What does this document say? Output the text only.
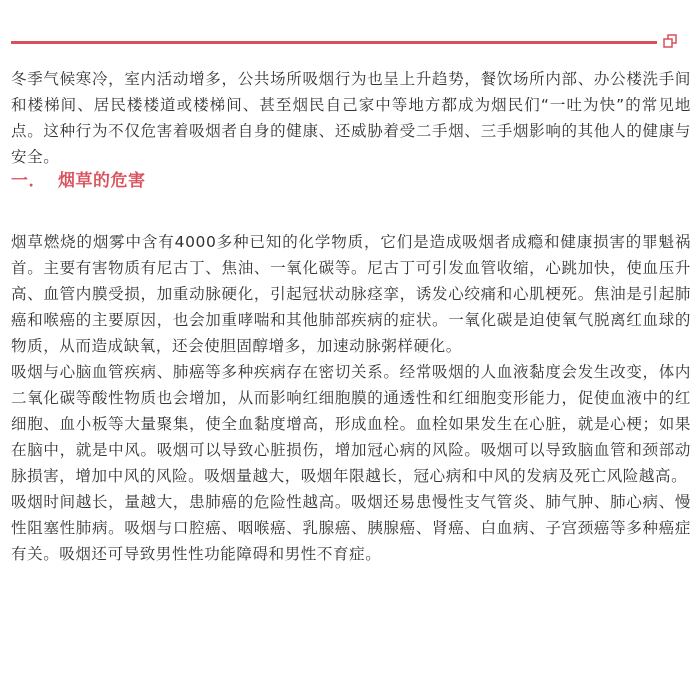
冬季气候寒冷，室内活动增多，公共场所吸烟行为也呈上升趋势，餐饮场所内部、办公楼洗手间和楼梯间、居民楼楼道或楼梯间、甚至烟民自己家中等地方都成为烟民们“一吐为快”的常见地点。这种行为不仅危害着吸烟者自身的健康、还威胁着受二手烟、三手烟影响的其他人的健康与安全。

一． 烟草的危害

烟草燃烧的烟雾中含有4000多种已知的化学物质，它们是造成吸烟者成瘾和健康损害的罪魁祸首。主要有害物质有尼古丁、焦油、一氧化碳等。尼古丁可引发血管收缩，心跳加快，使血压升高、血管内膜受损，加重动脉硬化，引起冠状动脉痉挛，诱发心绞痛和心肌梗死。焦油是引起肺癌和喉癌的主要原因，也会加重哮喘和其他肺部疾病的症状。一氧化碳是迫使氧气脱离红血球的物质，从而造成缺氧，还会使胆固醇增多，加速动脉粥样硬化。

吸烟与心脑血管疾病、肺癌等多种疾病存在密切关系。经常吸烟的人血液黏度会发生改变，体内二氧化碳等酸性物质也会增加，从而影响红细胞膜的通透性和红细胞变形能力，促使血液中的红细胞、血小板等大量聚集，使全血黏度增高，形成血栓。血栓如果发生在心脏，就是心梗；如果在脑中，就是中风。吸烟可以导致心脏损伤，增加冠心病的风险。吸烟可以导致脑血管和颈部动脉损害，增加中风的风险。吸烟量越大，吸烟年限越长，冠心病和中风的发病及死亡风险越高。

吸烟时间越长，量越大，患肺癌的危险性越高。吸烟还易患慢性支气管炎、肺气肿、肺心病、慢性阻塞性肺病。吸烟与口腔癌、咽喉癌、乳腺癌、胰腺癌、肾癌、白血病、子宫颈癌等多种癌症有关。吸烟还可导致男性性功能障碍和男性不育症。
